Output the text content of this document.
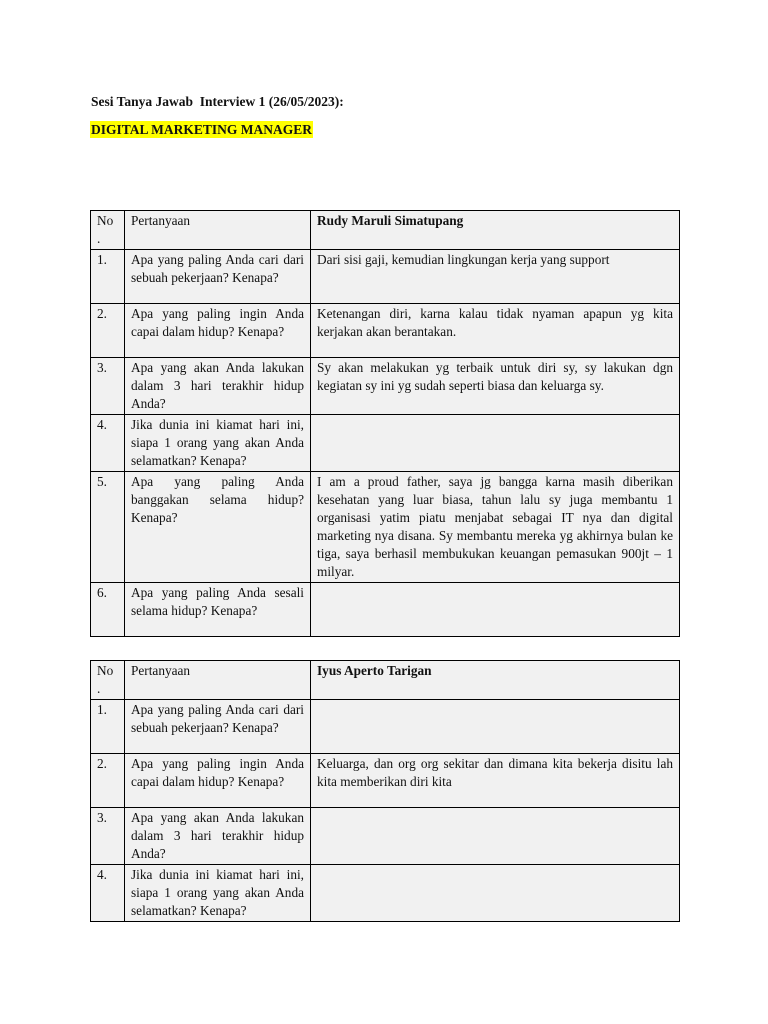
Sesi Tanya Jawab  Interview 1 (26/05/2023):

DIGITAL MARKETING MANAGER

No .	Pertanyaan	Rudy Maruli Simatupang
1.	Apa yang paling Anda cari dari sebuah pekerjaan? Kenapa?	Dari sisi gaji, kemudian lingkungan kerja yang support
2.	Apa yang paling ingin Anda capai dalam hidup? Kenapa?	Ketenangan diri, karna kalau tidak nyaman apapun yg kita kerjakan akan berantakan.
3.	Apa yang akan Anda lakukan dalam 3 hari terakhir hidup Anda?	Sy akan melakukan yg terbaik untuk diri sy, sy lakukan dgn kegiatan sy ini yg sudah seperti biasa dan keluarga sy.
4.	Jika dunia ini kiamat hari ini, siapa 1 orang yang akan Anda selamatkan? Kenapa?	
5.	Apa yang paling Anda banggakan selama hidup? Kenapa?	I am a proud father, saya jg bangga karna masih diberikan kesehatan yang luar biasa, tahun lalu sy juga membantu 1 organisasi yatim piatu menjabat sebagai IT nya dan digital marketing nya disana. Sy membantu mereka yg akhirnya bulan ke tiga, saya berhasil membukukan keuangan pemasukan 900jt – 1 milyar.
6.	Apa yang paling Anda sesali selama hidup? Kenapa?	
No .	Pertanyaan	Iyus Aperto Tarigan
1.	Apa yang paling Anda cari dari sebuah pekerjaan? Kenapa?	
2.	Apa yang paling ingin Anda capai dalam hidup? Kenapa?	Keluarga, dan org org sekitar dan dimana kita bekerja disitu lah kita memberikan diri kita
3.	Apa yang akan Anda lakukan dalam 3 hari terakhir hidup Anda?	
4.	Jika dunia ini kiamat hari ini, siapa 1 orang yang akan Anda selamatkan? Kenapa?	
